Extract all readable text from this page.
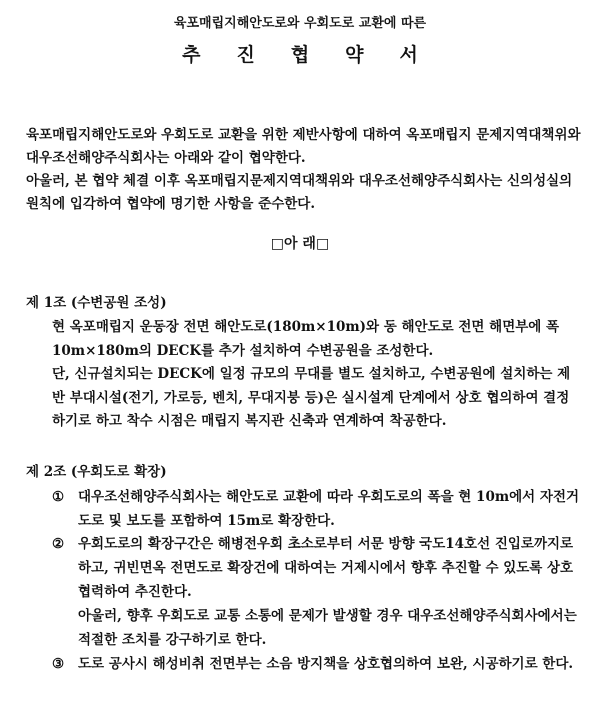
육포매립지해안도로와 우회도로 교환에 따른
추진협약서

육포매립지해안도로와 우회도로 교환을 위한 제반사항에 대하여 옥포매립지 문제지역대책위와 대우조선해양주식회사는 아래와 같이 협약한다.

아울러, 본 협약 체결 이후 옥포매립지문제지역대책위와 대우조선해양주식회사는 신의성실의 원칙에 입각하여 협약에 명기한 사항을 준수한다.

□아 래□
제 1조 (수변공원 조성)

현 옥포매립지 운동장 전면 해안도로(180m×10m)와 동 해안도로 전면 해면부에 폭 10m×180m의 DECK를 추가 설치하여 수변공원을 조성한다.

단, 신규설치되는 DECK에 일정 규모의 무대를 별도 설치하고, 수변공원에 설치하는 제반 부대시설(전기, 가로등, 벤치, 무대지붕 등)은 실시설계 단계에서 상호 협의하여 결정하기로 하고 착수 시점은 매립지 복지관 신축과 연계하여 착공한다.

제 2조 (우회도로 확장)
① 대우조선해양주식회사는 해안도로 교환에 따라 우회도로의 폭을 현 10m에서 자전거 도로 및 보도를 포함하여 15m로 확장한다.
② 우회도로의 확장구간은 해병전우회 초소로부터 서문 방향 국도14호선 진입로까지로 하고, 귀빈면옥 전면도로 확장건에 대하여는 거제시에서 향후 추진할 수 있도록 상호 협력하여 추진한다.
아울러, 향후 우회도로 교통 소통에 문제가 발생할 경우 대우조선해양주식회사에서는 적절한 조치를 강구하기로 한다.
③ 도로 공사시 해성비취 전면부는 소음 방지책을 상호협의하여 보완, 시공하기로 한다.
